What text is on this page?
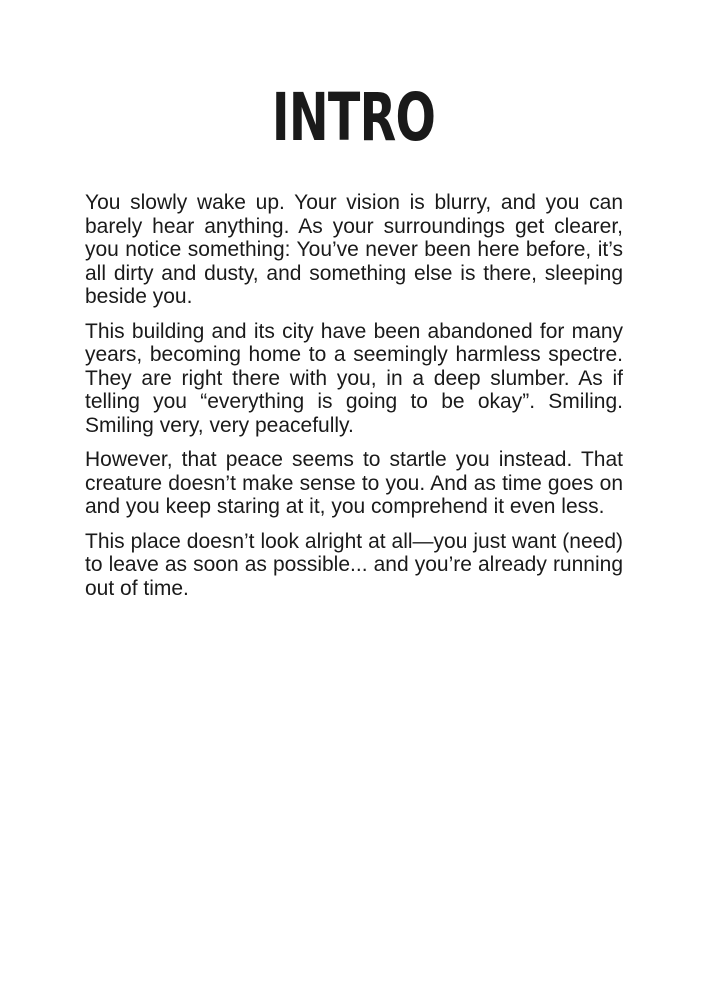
INTRO

You slowly wake up. Your vision is blurry, and you can barely hear anything. As your surroundings get clearer, you notice something: You’ve never been here before, it’s all dirty and dusty, and something else is there, sleeping beside you.

This building and its city have been abandoned for many years, becoming home to a seemingly harmless spectre. They are right there with you, in a deep slumber. As if telling you “everything is going to be okay”. Smiling. Smiling very, very peacefully.

However, that peace seems to startle you instead. That creature doesn’t make sense to you. And as time goes on and you keep staring at it, you comprehend it even less.

This place doesn’t look alright at all—you just want (need) to leave as soon as possible... and you’re already running out of time.
